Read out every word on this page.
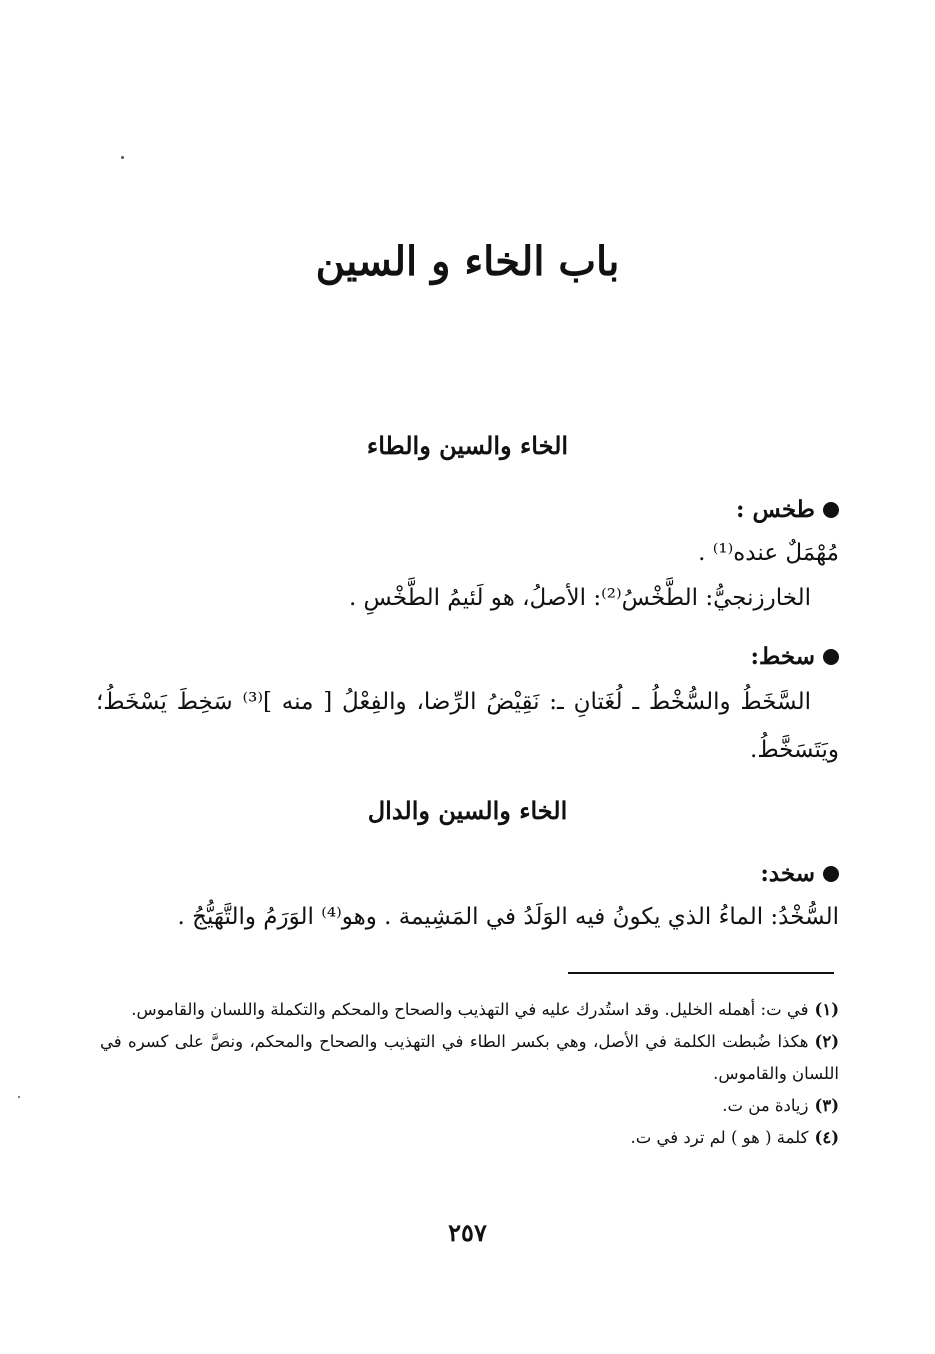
باب الخاء و السين
الخاء والسين والطاء
طخس :
مُهْمَلٌ عنده⁽¹⁾ .
الخارزنجيُّ: الطَّخْسُ⁽²⁾: الأصلُ، هو لَئيمُ الطَّخْسِ .
سخط:
السَّخَطُ والسُّخْطُ ـ لُغَتانِ ـ: نَقِيْضُ الرِّضا، والفِعْلُ [ منه ]⁽³⁾ سَخِطَ يَسْخَطُ؛ ويَتَسَخَّطُ.
الخاء والسين والدال
سخد:
السُّخْدُ: الماءُ الذي يكونُ فيه الوَلَدُ في المَشِيمة . وهو⁽⁴⁾ الوَرَمُ والتَّهَيُّجُ .

(١)في ت: أهمله الخليل. وقد استُدرك عليه في التهذيب والصحاح والمحكم والتكملة واللسان والقاموس.

(٢)هكذا ضُبطت الكلمة في الأصل، وهي بكسر الطاء في التهذيب والصحاح والمحكم، ونصَّ على كسره في اللسان والقاموس.

(٣)زيادة من ت.

(٤)كلمة ( هو ) لم ترد في ت.

٢٥٧
